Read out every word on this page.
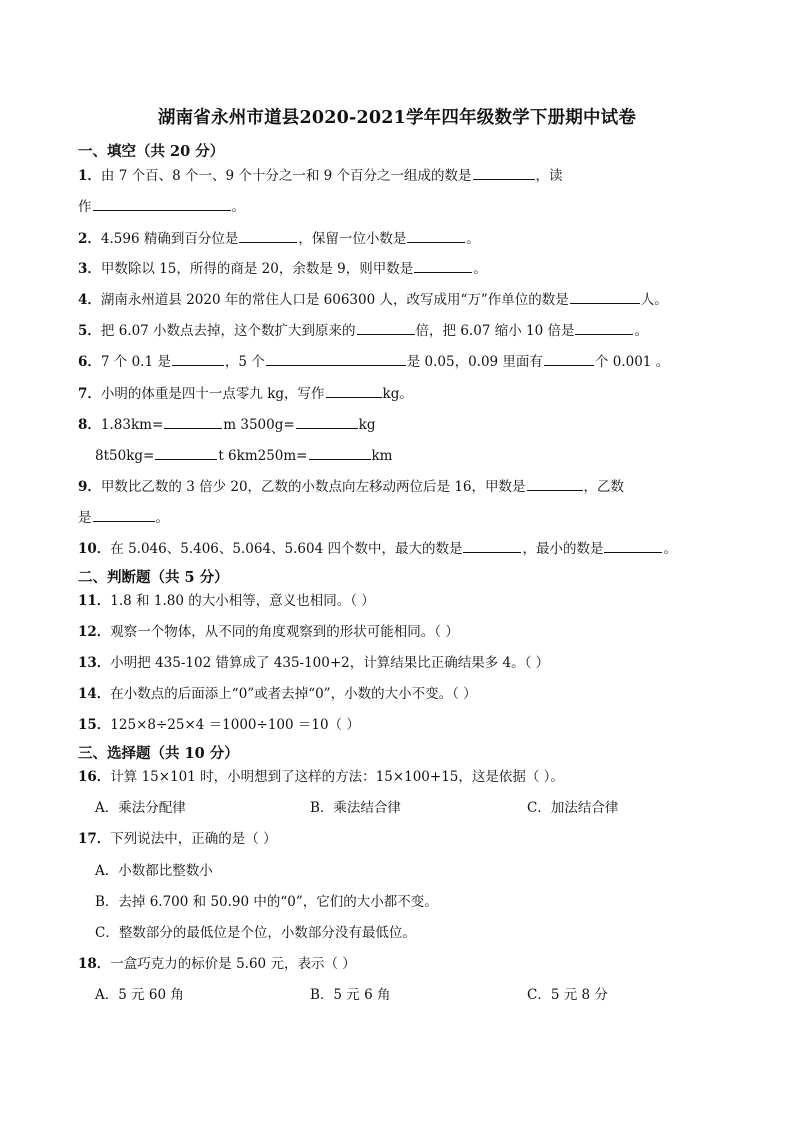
湖南省永州市道县2020-2021学年四年级数学下册期中试卷
一、填空（共 20 分）
1．由 7 个百、8 个一、9 个十分之一和 9 个百分之一组成的数是	，读
作	。
2．4.596 精确到百分位是	，保留一位小数是	。
3．甲数除以 15，所得的商是 20，余数是 9，则甲数是	。
4．湖南永州道县 2020 年的常住人口是 606300 人，改写成用“万”作单位的数是	人。
5．把 6.07 小数点去掉，这个数扩大到原来的	倍，把 6.07 缩小 10 倍是	。
6．7 个 0.1 是	，5 个	是 0.05，0.09 里面有	个 0.001 。
7．小明的体重是四十一点零九 kg，写作	kg。
8．1.83km=	m 3500g=	kg
8t50kg=	t 6km250m=	km
9．甲数比乙数的 3 倍少 20，乙数的小数点向左移动两位后是 16，甲数是	，乙数
是	。
10．在 5.046、5.406、5.064、5.604 四个数中，最大的数是	，最小的数是	。
二、判断题（共 5 分）
11．1.8 和 1.80 的大小相等，意义也相同。（ ）
12．观察一个物体，从不同的角度观察到的形状可能相同。（ ）
13．小明把 435-102 错算成了 435-100+2，计算结果比正确结果多 4。（ ）
14．在小数点的后面添上“0”或者去掉“0”，小数的大小不变。（ ）
15．125×8÷25×4 ＝1000÷100 ＝10（ ）
三、选择题（共 10 分）
16．计算 15×101 时，小明想到了这样的方法：15×100+15，这是依据（ ）。
A．乘法分配律	B．乘法结合律	C．加法结合律
17．下列说法中，正确的是（ ）
A．小数都比整数小
B．去掉 6.700 和 50.90 中的“0”，它们的大小都不变。
C．整数部分的最低位是个位，小数部分没有最低位。
18．一盒巧克力的标价是 5.60 元，表示（ ）
A．5 元 60 角	B．5 元 6 角	C．5 元 8 分
